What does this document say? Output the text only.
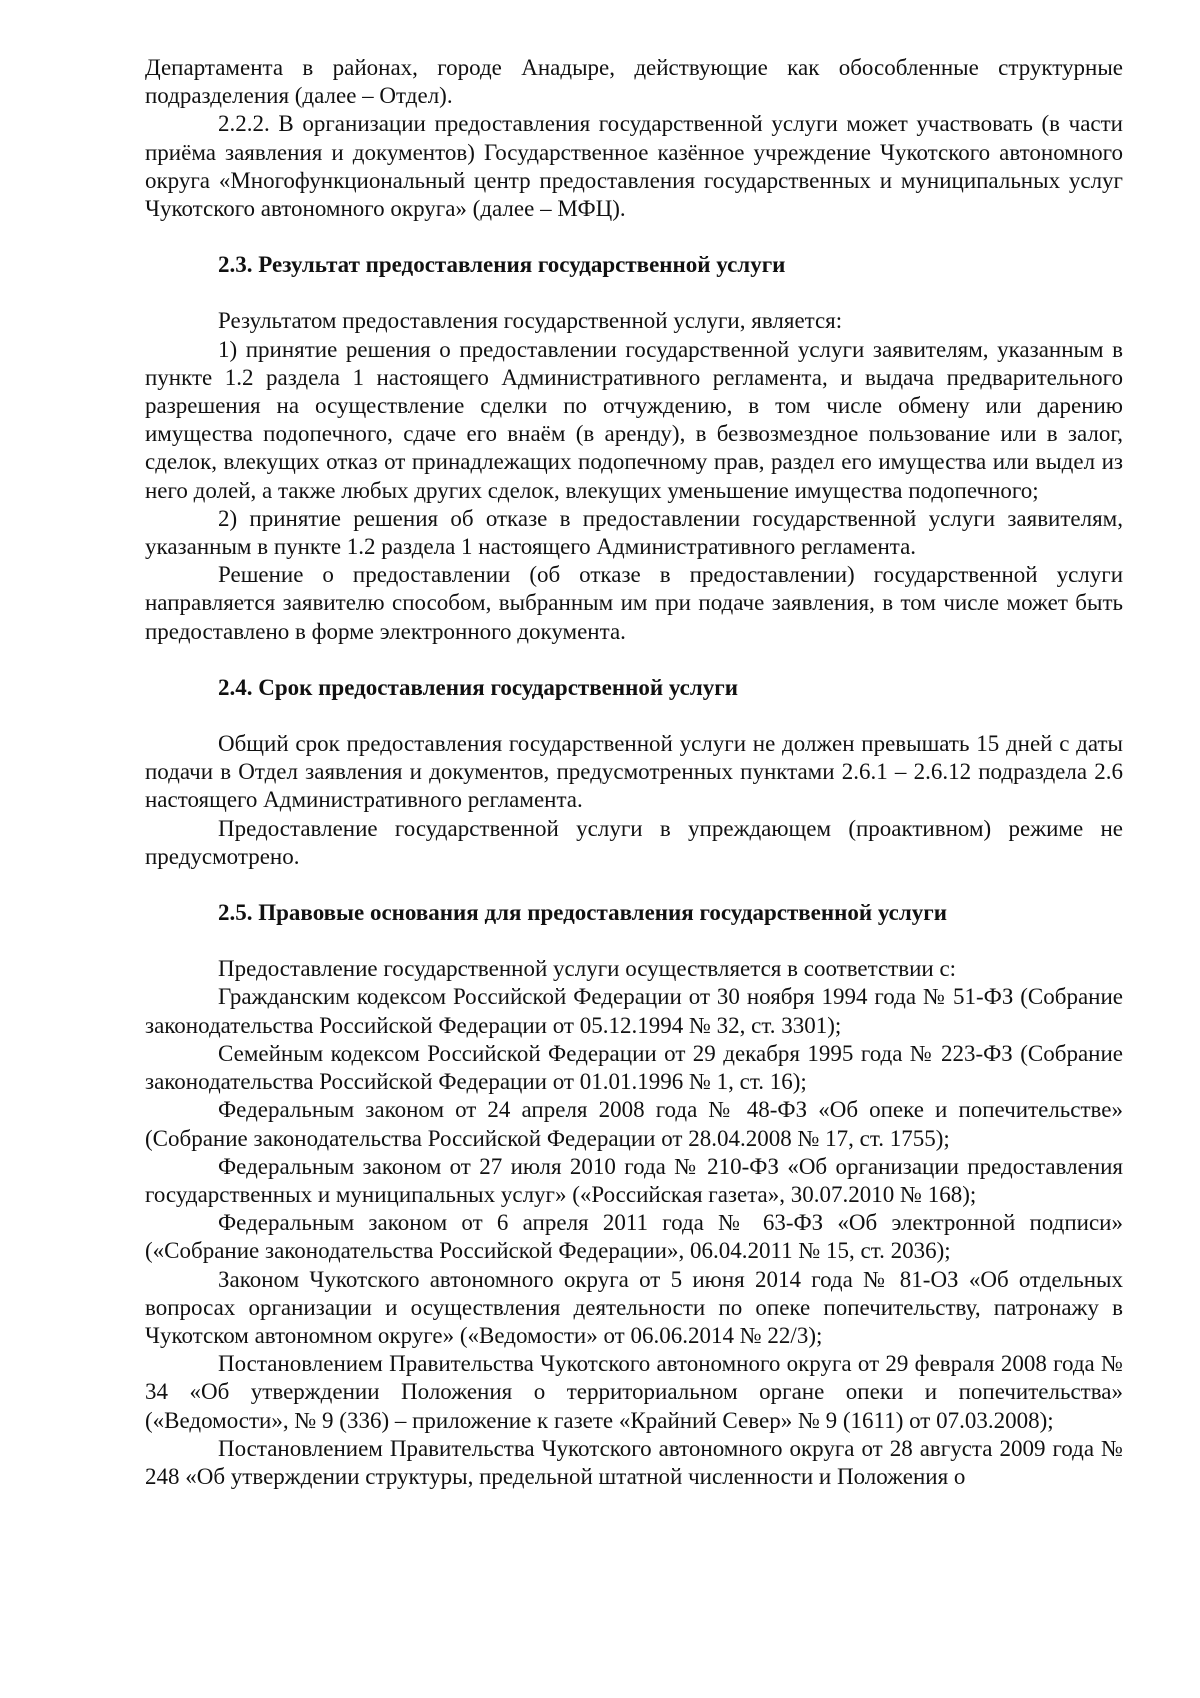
Департамента в районах, городе Анадыре, действующие как обособленные структурные подразделения (далее – Отдел).

2.2.2. В организации предоставления государственной услуги может участвовать (в части приёма заявления и документов) Государственное казённое учреждение Чукотского автономного округа «Многофункциональный центр предоставления государственных и муниципальных услуг Чукотского автономного округа» (далее – МФЦ).

2.3. Результат предоставления государственной услуги

Результатом предоставления государственной услуги, является:

1) принятие решения о предоставлении государственной услуги заявителям, указанным в пункте 1.2 раздела 1 настоящего Административного регламента, и выдача предварительного разрешения на осуществление сделки по отчуждению, в том числе обмену или дарению имущества подопечного, сдаче его внаём (в аренду), в безвозмездное пользование или в залог, сделок, влекущих отказ от принадлежащих подопечному прав, раздел его имущества или выдел из него долей, а также любых других сделок, влекущих уменьшение имущества подопечного;

2) принятие решения об отказе в предоставлении государственной услуги заявителям, указанным в пункте 1.2 раздела 1 настоящего Административного регламента.

Решение о предоставлении (об отказе в предоставлении) государственной услуги направляется заявителю способом, выбранным им при подаче заявления, в том числе может быть предоставлено в форме электронного документа.

2.4. Срок предоставления государственной услуги

Общий срок предоставления государственной услуги не должен превышать 15 дней с даты подачи в Отдел заявления и документов, предусмотренных пунктами 2.6.1 – 2.6.12 подраздела 2.6 настоящего Административного регламента.

Предоставление государственной услуги в упреждающем (проактивном) режиме не предусмотрено.

2.5. Правовые основания для предоставления государственной услуги

Предоставление государственной услуги осуществляется в соответствии с:

Гражданским кодексом Российской Федерации от 30 ноября 1994 года № 51-ФЗ (Собрание законодательства Российской Федерации от 05.12.1994 № 32, ст. 3301);

Семейным кодексом Российской Федерации от 29 декабря 1995 года № 223-ФЗ (Собрание законодательства Российской Федерации от 01.01.1996 № 1, ст. 16);

Федеральным законом от 24 апреля 2008 года № 48-ФЗ «Об опеке и попечительстве» (Собрание законодательства Российской Федерации от 28.04.2008 № 17, ст. 1755);

Федеральным законом от 27 июля 2010 года № 210-ФЗ «Об организации предоставления государственных и муниципальных услуг» («Российская газета», 30.07.2010 № 168);

Федеральным законом от 6 апреля 2011 года № 63-ФЗ «Об электронной подписи» («Собрание законодательства Российской Федерации», 06.04.2011 № 15, ст. 2036);

Законом Чукотского автономного округа от 5 июня 2014 года № 81-ОЗ «Об отдельных вопросах организации и осуществления деятельности по опеке попечительству, патронажу в Чукотском автономном округе» («Ведомости» от 06.06.2014 № 22/3);

Постановлением Правительства Чукотского автономного округа от 29 февраля 2008 года № 34 «Об утверждении Положения о территориальном органе опеки и попечительства» («Ведомости», № 9 (336) – приложение к газете «Крайний Север» № 9 (1611) от 07.03.2008);

Постановлением Правительства Чукотского автономного округа от 28 августа 2009 года № 248 «Об утверждении структуры, предельной штатной численности и Положения о
